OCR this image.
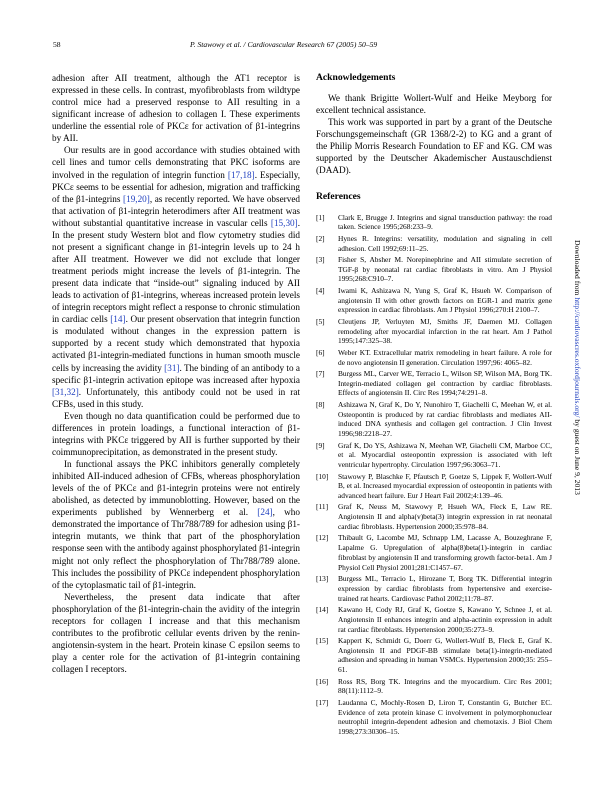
58	P. Stawowy et al. / Cardiovascular Research 67 (2005) 50–59

adhesion after AII treatment, although the AT1 receptor is expressed in these cells. In contrast, myofibroblasts from wildtype control mice had a preserved response to AII resulting in a significant increase of adhesion to collagen I. These experiments underline the essential role of PKCε for activation of β1-integrins by AII.

Our results are in good accordance with studies obtained with cell lines and tumor cells demonstrating that PKC isoforms are involved in the regulation of integrin function [17,18]. Especially, PKCε seems to be essential for adhesion, migration and trafficking of the β1-integrins [19,20], as recently reported. We have observed that activation of β1-integrin heterodimers after AII treatment was without substantial quantitative increase in vascular cells [15,30]. In the present study Western blot and flow cytometry studies did not present a significant change in β1-integrin levels up to 24 h after AII treatment. However we did not exclude that longer treatment periods might increase the levels of β1-integrin. The present data indicate that “inside-out” signaling induced by AII leads to activation of β1-integrins, whereas increased protein levels of integrin receptors might reflect a response to chronic stimulation in cardiac cells [14]. Our present observation that integrin function is modulated without changes in the expression pattern is supported by a recent study which demonstrated that hypoxia activated β1-integrin-mediated functions in human smooth muscle cells by increasing the avidity [31]. The binding of an antibody to a specific β1-integrin activation epitope was increased after hypoxia [31,32]. Unfortunately, this antibody could not be used in rat CFBs, used in this study.

Even though no data quantification could be performed due to differences in protein loadings, a functional interaction of β1-integrins with PKCε triggered by AII is further supported by their coimmunoprecipitation, as demonstrated in the present study.

In functional assays the PKC inhibitors generally completely inhibited AII-induced adhesion of CFBs, whereas phosphorylation levels of the of PKCε and β1-integrin proteins were not entirely abolished, as detected by immunoblotting. However, based on the experiments published by Wennerberg et al. [24], who demonstrated the importance of Thr788/789 for adhesion using β1-integrin mutants, we think that part of the phosphorylation response seen with the antibody against phosphorylated β1-integrin might not only reflect the phosphorylation of Thr788/789 alone. This includes the possibility of PKCε independent phosphorylation of the cytoplasmatic tail of β1-integrin.

Nevertheless, the present data indicate that after phosphorylation of the β1-integrin-chain the avidity of the integrin receptors for collagen I increase and that this mechanism contributes to the profibrotic cellular events driven by the renin-angiotensin-system in the heart. Protein kinase C epsilon seems to play a center role for the activation of β1-integrin containing collagen I receptors.

Acknowledgements

We thank Brigitte Wollert-Wulf and Heike Meyborg for excellent technical assistance.

This work was supported in part by a grant of the Deutsche Forschungsgemeinschaft (GR 1368/2-2) to KG and a grant of the Philip Morris Research Foundation to EF and KG. CM was supported by the Deutscher Akademischer Austauschdienst (DAAD).

References
[1] Clark E, Brugge J. Integrins and signal transduction pathway: the road taken. Science 1995;268:233–9.
[2] Hynes R. Integrins: versatility, modulation and signaling in cell adhesion. Cell 1992;69:11–25.
[3] Fisher S, Absher M. Norepinephrine and AII stimulate secretion of TGF-β by neonatal rat cardiac fibroblasts in vitro. Am J Physiol 1995;268:C910–7.
[4] Iwami K, Ashizawa N, Yung S, Graf K, Hsueh W. Comparison of angiotensin II with other growth factors on EGR-1 and matrix gene expression in cardiac fibroblasts. Am J Physiol 1996;270:H 2100–7.
[5] Cleutjens JP, Verluyten MJ, Smiths JF, Daemen MJ. Collagen remodeling after myocardial infarction in the rat heart. Am J Pathol 1995;147:325–38.
[6] Weber KT. Extracellular matrix remodeling in heart failure. A role for de novo angiotensin II generation. Circulation 1997;96: 4065–82.
[7] Burgess ML, Carver WE, Terracio L, Wilson SP, Wilson MA, Borg TK. Integrin-mediated collagen gel contraction by cardiac fibroblasts. Effects of angiotensin II. Circ Res 1994;74:291–8.
[8] Ashizawa N, Graf K, Do Y, Nunohiro T, Giachelli C, Meehan W, et al. Osteopontin is produced by rat cardiac fibroblasts and mediates AII-induced DNA synthesis and collagen gel contraction. J Clin Invest 1996;98:2218–27.
[9] Graf K, Do YS, Ashizawa N, Meehan WP, Giachelli CM, Marboe CC, et al. Myocardial osteopontin expression is associated with left ventricular hypertrophy. Circulation 1997;96:3063–71.
[10] Stawowy P, Blaschke F, Pfautsch P, Goetze S, Lippek F, Wollert-Wulf B, et al. Increased myocardial expression of osteopontin in patients with advanced heart failure. Eur J Heart Fail 2002;4:139–46.
[11] Graf K, Neuss M, Stawowy P, Hsueh WA, Fleck E, Law RE. Angiotensin II and alpha(v)beta(3) integrin expression in rat neonatal cardiac fibroblasts. Hypertension 2000;35:978–84.
[12] Thibault G, Lacombe MJ, Schnapp LM, Lacasse A, Bouzeghrane F, Lapalme G. Upregulation of alpha(8)beta(1)-integrin in cardiac fibroblast by angiotensin II and transforming growth factor-beta1. Am J Physiol Cell Physiol 2001;281:C1457–67.
[13] Burgess ML, Terracio L, Hirozane T, Borg TK. Differential integrin expression by cardiac fibroblasts from hypertensive and exercise-trained rat hearts. Cardiovasc Pathol 2002;11:78–87.
[14] Kawano H, Cody RJ, Graf K, Goetze S, Kawano Y, Schnee J, et al. Angiotensin II enhances integrin and alpha-actinin expression in adult rat cardiac fibroblasts. Hypertension 2000;35:273–9.
[15] Kappert K, Schmidt G, Doerr G, Wollert-Wulf B, Fleck E, Graf K. Angiotensin II and PDGF-BB stimulate beta(1)-integrin-mediated adhesion and spreading in human VSMCs. Hypertension 2000;35: 255–61.
[16] Ross RS, Borg TK. Integrins and the myocardium. Circ Res 2001; 88(11):1112–9.
[17] Laudanna C, Mochly-Rosen D, Liron T, Constantin G, Butcher EC. Evidence of zeta protein kinase C involvement in polymorphonuclear neutrophil integrin-dependent adhesion and chemotaxis. J Biol Chem 1998;273:30306–15.
Downloaded from http://cardiovascres.oxfordjournals.org/ by guest on June 9, 2013
